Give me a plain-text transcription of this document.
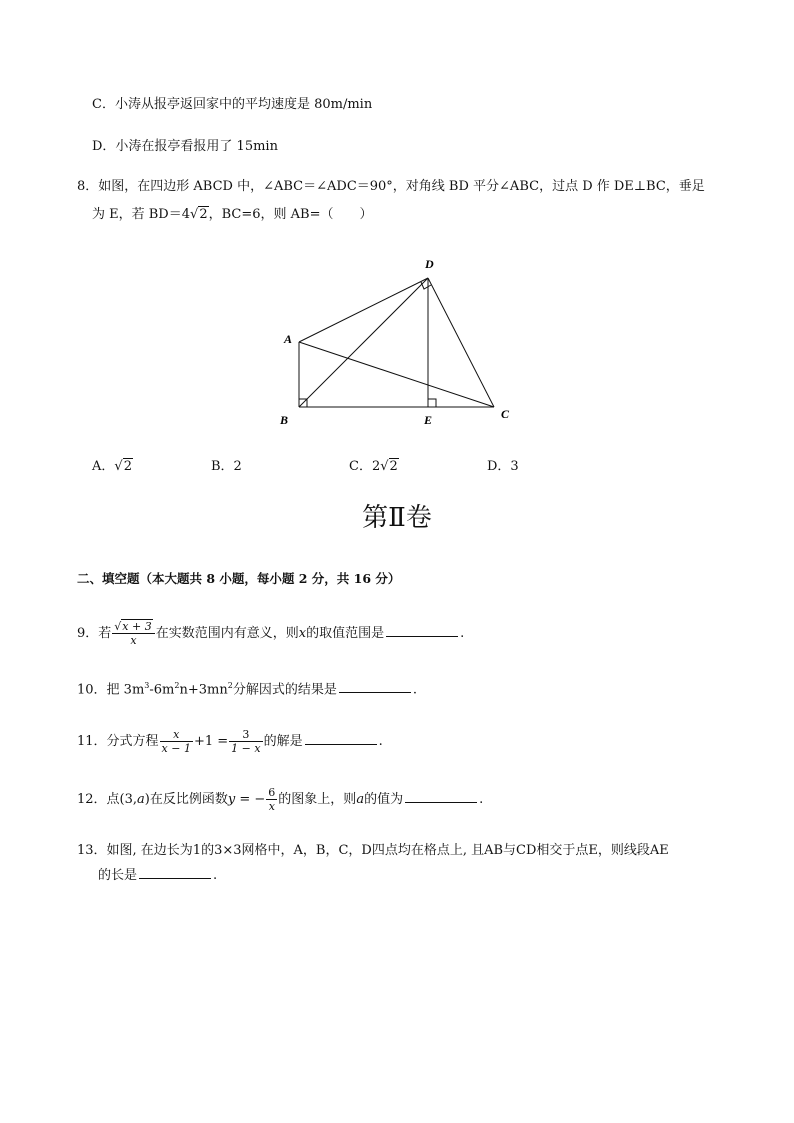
C．小涛从报亭返回家中的平均速度是 80m/min
D．小涛在报亭看报用了 15min
8．如图，在四边形 ABCD 中，∠ABC＝∠ADC＝90°，对角线 BD 平分∠ABC，过点 D 作 DE⊥BC，垂足
为 E，若 BD＝4√2，BC=6，则 AB=（　　）
D
A
B	E	C
A．√2	B．2	C．2√2	D．3
第Ⅱ卷
二、填空题（本大题共 8 小题，每小题 2 分，共 16 分）
9．若 $\frac{√x + 3}{x}$ 在实数范围内有意义，则x的取值范围是	.
10．把 $3m^3-6m^2n+3mn^2$分解因式的结果是	.
11．分式方程 $\frac{x}{x - 1} +1 = \frac{3}{1 - x}$ 的解是	.
12．点(3,a)在反比例函数y = − $\frac{6}{x}$ 的图象上，则a的值为	.
13．如图, 在边长为1的3×3网格中，A，B，C，D四点均在格点上, 且AB与CD相交于点E，则线段AE
的长是	.
